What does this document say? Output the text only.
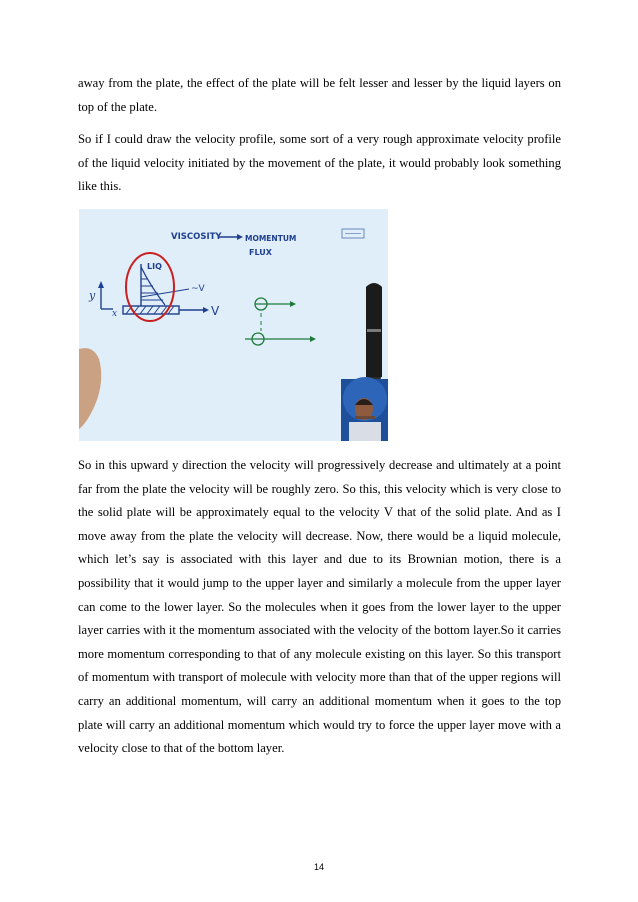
away from the plate, the effect of the plate will be felt lesser and lesser by the liquid layers on top of the plate.

So if I could draw the velocity profile, some sort of a very rough approximate velocity profile of the liquid velocity initiated by the movement of the plate, it would probably look something like this.

VISCOSITY	MOMENTUM
FLUX
y
x	V
LIQ
~V

So in this upward y direction the velocity will progressively decrease and ultimately at a point far from the plate the velocity will be roughly zero. So this, this velocity which is very close to the solid plate will be approximately equal to the velocity V that of the solid plate. And as I move away from the plate the velocity will decrease. Now, there would be a liquid molecule, which let’s say is associated with this layer and due to its Brownian motion, there is a possibility that it would jump to the upper layer and similarly a molecule from the upper layer can come to the lower layer. So the molecules when it goes from the lower layer to the upper layer carries with it the momentum associated with the velocity of the bottom layer.So it carries more momentum corresponding to that of any molecule existing on this layer. So this transport of momentum with transport of molecule with velocity more than that of the upper regions will carry an additional momentum, will carry an additional momentum when it goes to the top plate will carry an additional momentum which would try to force the upper layer move with a velocity close to that of the bottom layer.

14
